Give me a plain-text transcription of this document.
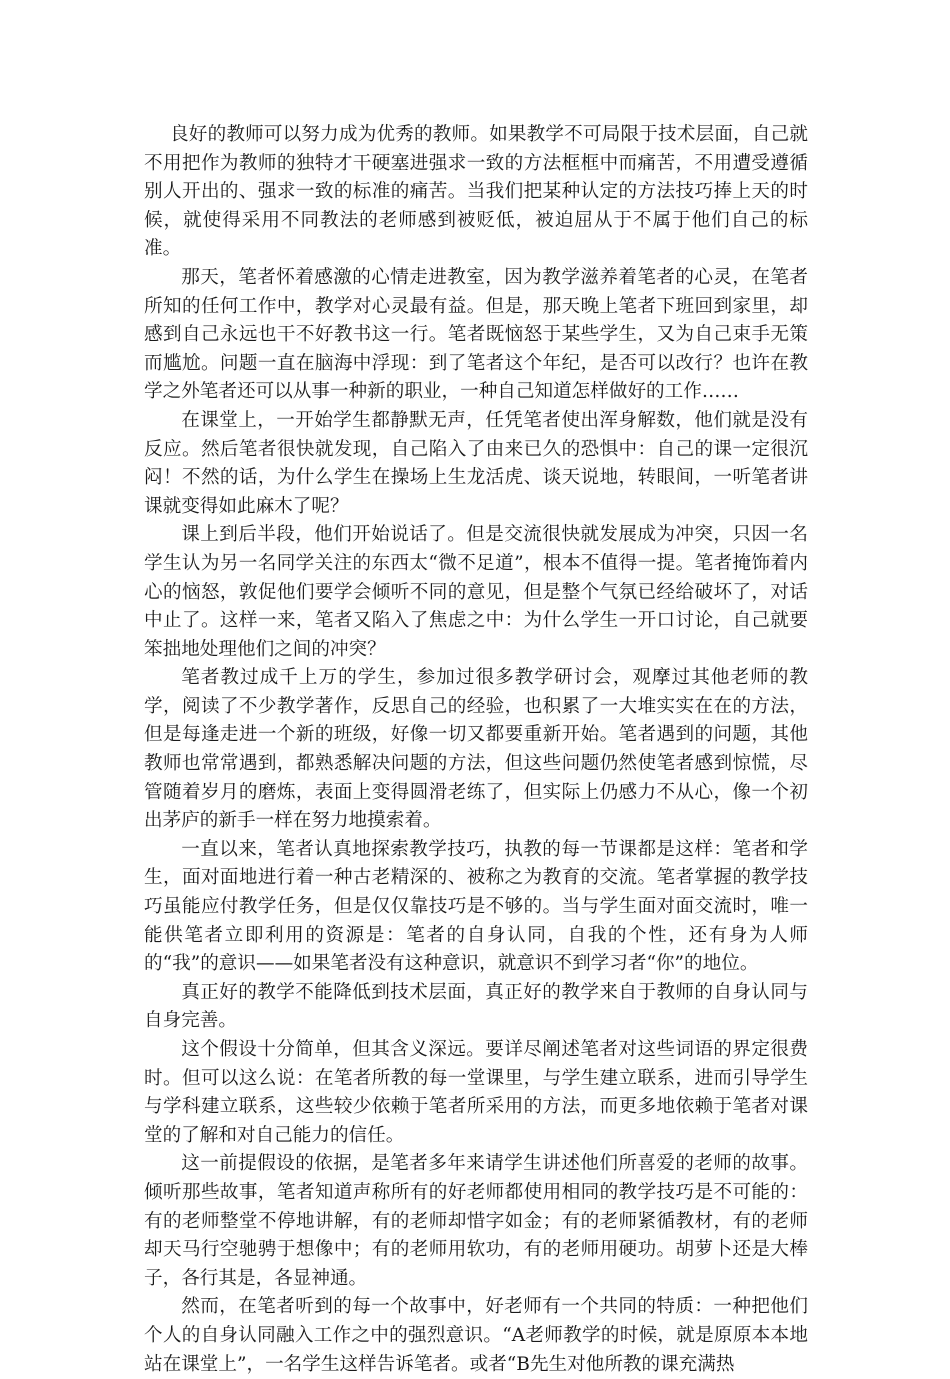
良好的教师可以努力成为优秀的教师。如果教学不可局限于技术层面，自己就不用把作为教师的独特才干硬塞进强求一致的方法框框中而痛苦，不用遭受遵循别人开出的、强求一致的标准的痛苦。当我们把某种认定的方法技巧捧上天的时候，就使得采用不同教法的老师感到被贬低，被迫屈从于不属于他们自己的标准。

那天，笔者怀着感激的心情走进教室，因为教学滋养着笔者的心灵，在笔者所知的任何工作中，教学对心灵最有益。但是，那天晚上笔者下班回到家里，却感到自己永远也干不好教书这一行。笔者既恼怒于某些学生，又为自己束手无策而尴尬。问题一直在脑海中浮现：到了笔者这个年纪，是否可以改行？也许在教学之外笔者还可以从事一种新的职业，一种自己知道怎样做好的工作……

在课堂上，一开始学生都静默无声，任凭笔者使出浑身解数，他们就是没有反应。然后笔者很快就发现，自己陷入了由来已久的恐惧中：自己的课一定很沉闷！不然的话，为什么学生在操场上生龙活虎、谈天说地，转眼间，一听笔者讲课就变得如此麻木了呢？

课上到后半段，他们开始说话了。但是交流很快就发展成为冲突，只因一名学生认为另一名同学关注的东西太“微不足道”，根本不值得一提。笔者掩饰着内心的恼怒，敦促他们要学会倾听不同的意见，但是整个气氛已经给破坏了，对话中止了。这样一来，笔者又陷入了焦虑之中：为什么学生一开口讨论，自己就要笨拙地处理他们之间的冲突？

笔者教过成千上万的学生，参加过很多教学研讨会，观摩过其他老师的教学，阅读了不少教学著作，反思自己的经验，也积累了一大堆实实在在的方法，但是每逢走进一个新的班级，好像一切又都要重新开始。笔者遇到的问题，其他教师也常常遇到，都熟悉解决问题的方法，但这些问题仍然使笔者感到惊慌，尽管随着岁月的磨炼，表面上变得圆滑老练了，但实际上仍感力不从心，像一个初出茅庐的新手一样在努力地摸索着。

一直以来，笔者认真地探索教学技巧，执教的每一节课都是这样：笔者和学生，面对面地进行着一种古老精深的、被称之为教育的交流。笔者掌握的教学技巧虽能应付教学任务，但是仅仅靠技巧是不够的。当与学生面对面交流时，唯一能供笔者立即利用的资源是：笔者的自身认同，自我的个性，还有身为人师的“我”的意识——如果笔者没有这种意识，就意识不到学习者“你”的地位。

真正好的教学不能降低到技术层面，真正好的教学来自于教师的自身认同与自身完善。

这个假设十分简单，但其含义深远。要详尽阐述笔者对这些词语的界定很费时。但可以这么说：在笔者所教的每一堂课里，与学生建立联系，进而引导学生与学科建立联系，这些较少依赖于笔者所采用的方法，而更多地依赖于笔者对课堂的了解和对自己能力的信任。

这一前提假设的依据，是笔者多年来请学生讲述他们所喜爱的老师的故事。倾听那些故事，笔者知道声称所有的好老师都使用相同的教学技巧是不可能的：有的老师整堂不停地讲解，有的老师却惜字如金；有的老师紧循教材，有的老师却天马行空驰骋于想像中；有的老师用软功，有的老师用硬功。胡萝卜还是大棒子，各行其是，各显神通。

然而，在笔者听到的每一个故事中，好老师有一个共同的特质：一种把他们个人的自身认同融入工作之中的强烈意识。“A老师教学的时候，就是原原本本地站在课堂上”，一名学生这样告诉笔者。或者“B先生对他所教的课充满热
